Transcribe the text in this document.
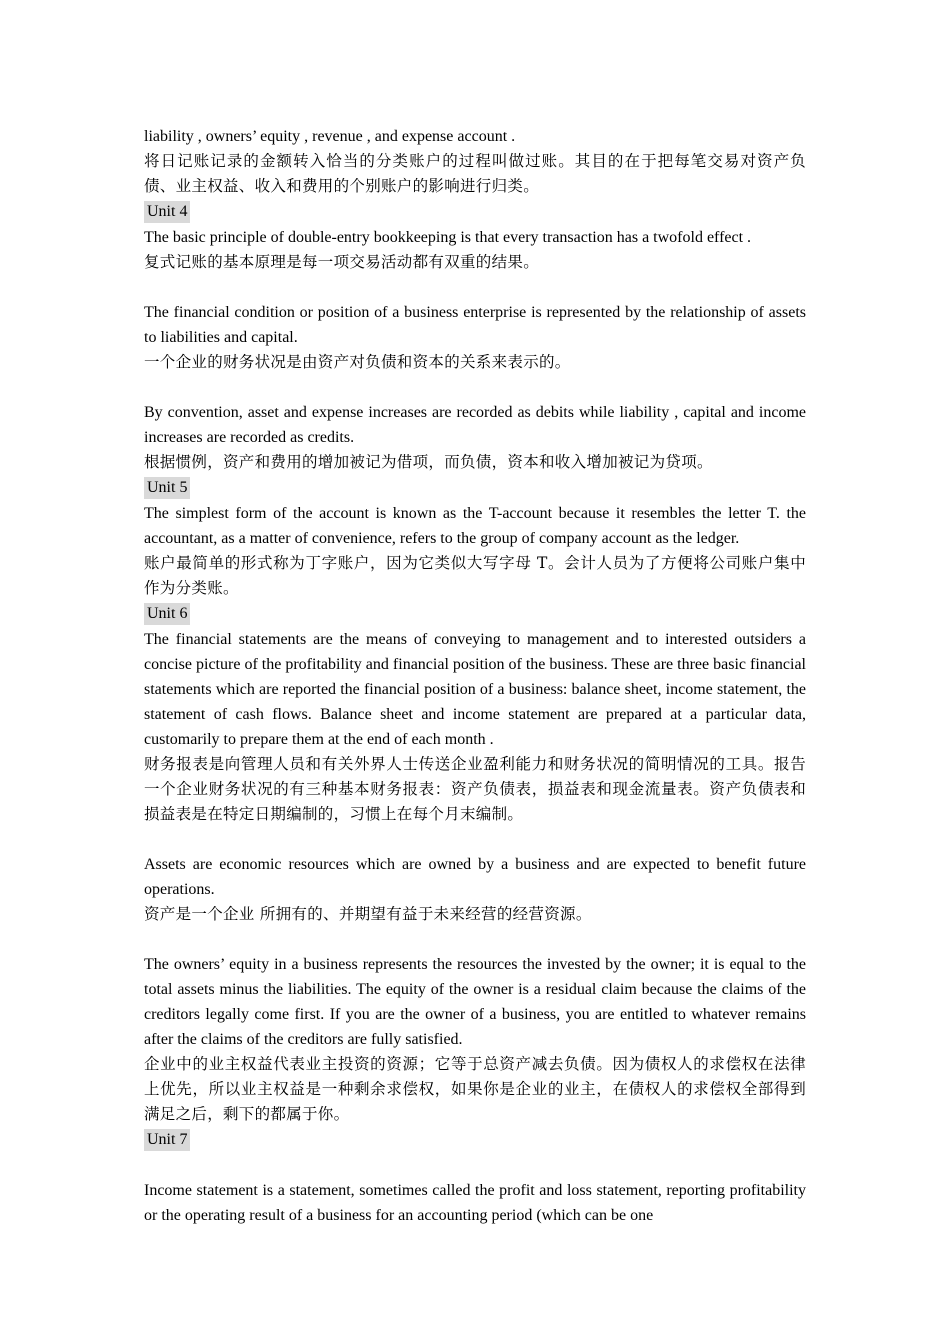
liability , owners’ equity , revenue , and expense account .

将日记账记录的金额转入恰当的分类账户的过程叫做过账。其目的在于把每笔交易对资产负债、业主权益、收入和费用的个别账户的影响进行归类。

Unit 4

The basic principle of double-entry bookkeeping is that every transaction has a twofold effect .

复式记账的基本原理是每一项交易活动都有双重的结果。

The financial condition or position of a business enterprise is represented by the relationship of assets to liabilities and capital.

一个企业的财务状况是由资产对负债和资本的关系来表示的。

By convention, asset and expense increases are recorded as debits while liability , capital and income increases are recorded as credits.

根据惯例，资产和费用的增加被记为借项，而负债，资本和收入增加被记为贷项。

Unit 5

The simplest form of the account is known as the T-account because it resembles the letter T. the accountant, as a matter of convenience, refers to the group of company account as the ledger.

账户最简单的形式称为丁字账户，因为它类似大写字母 T。会计人员为了方便将公司账户集中作为分类账。

Unit 6

The financial statements are the means of conveying to management and to interested outsiders a concise picture of the profitability and financial position of the business. These are three basic financial statements which are reported the financial position of a business: balance sheet, income statement, the statement of cash flows. Balance sheet and income statement are prepared at a particular data, customarily to prepare them at the end of each month .

财务报表是向管理人员和有关外界人士传送企业盈利能力和财务状况的简明情况的工具。报告一个企业财务状况的有三种基本财务报表：资产负债表，损益表和现金流量表。资产负债表和损益表是在特定日期编制的，习惯上在每个月末编制。

Assets are economic resources which are owned by a business and are expected to benefit future operations.

资产是一个企业 所拥有的、并期望有益于未来经营的经营资源。

The owners’ equity in a business represents the resources the invested by the owner; it is equal to the total assets minus the liabilities. The equity of the owner is a residual claim because the claims of the creditors legally come first. If you are the owner of a business, you are entitled to whatever remains after the claims of the creditors are fully satisfied.

企业中的业主权益代表业主投资的资源；它等于总资产减去负债。因为债权人的求偿权在法律上优先，所以业主权益是一种剩余求偿权，如果你是企业的业主，在债权人的求偿权全部得到满足之后，剩下的都属于你。

Unit 7

Income statement is a statement, sometimes called the profit and loss statement, reporting profitability or the operating result of a business for an accounting period (which can be one
